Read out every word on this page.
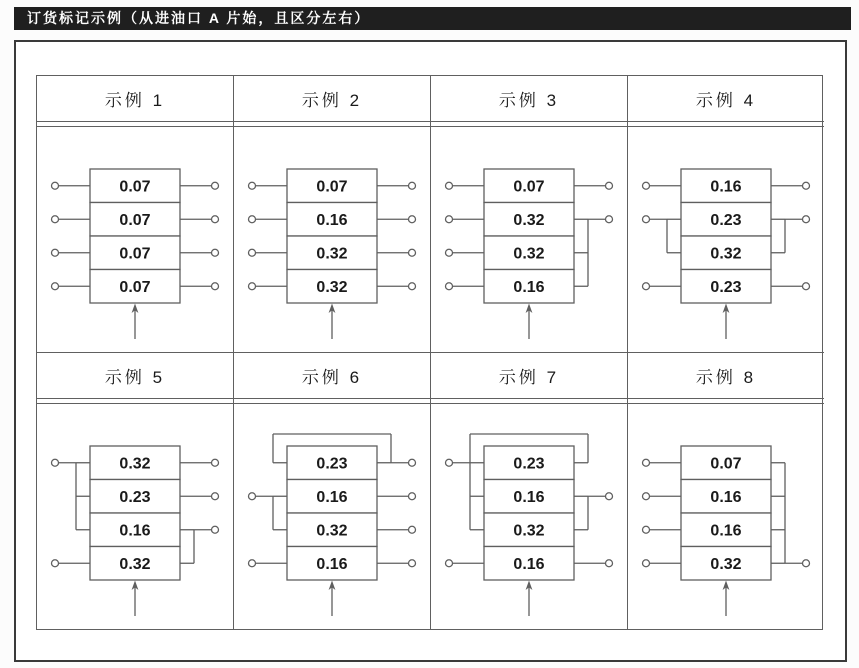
订货标记示例（从进油口 A 片始，且区分左右）
示例 1
0.07
0.07
0.07
0.07
示例 2
0.07
0.16
0.32
0.32
示例 3
0.07
0.32
0.32
0.16
示例 4
0.16
0.23
0.32
0.23
示例 5
0.32
0.23
0.16
0.32
示例 6
0.23
0.16
0.32
0.16
示例 7
0.23
0.16
0.32
0.16
示例 8
0.07
0.16
0.16
0.32
